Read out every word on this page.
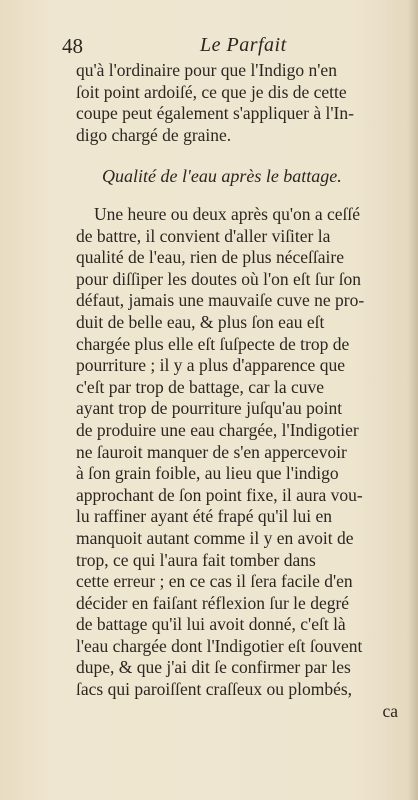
48	Le Parfait
qu'à l'ordinaire pour que l'Indigo n'en
ſoit point ardoiſé, ce que je dis de cette
coupe peut également s'appliquer à l'In-
digo chargé de graine.
Qualité de l'eau après le battage.
Une heure ou deux après qu'on a ceſſé
de battre, il convient d'aller viſiter la
qualité de l'eau, rien de plus néceſſaire
pour diſſiper les doutes où l'on eſt ſur ſon
défaut, jamais une mauvaiſe cuve ne pro-
duit de belle eau, & plus ſon eau eſt
chargée plus elle eſt ſuſpecte de trop de
pourriture ; il y a plus d'apparence que
c'eſt par trop de battage, car la cuve
ayant trop de pourriture juſqu'au point
de produire une eau chargée, l'Indigotier
ne ſauroit manquer de s'en appercevoir
à ſon grain foible, au lieu que l'indigo
approchant de ſon point fixe, il aura vou-
lu raffiner ayant été frapé qu'il lui en
manquoit autant comme il y en avoit de
trop, ce qui l'aura fait tomber dans
cette erreur ; en ce cas il ſera facile d'en
décider en faiſant réflexion ſur le degré
de battage qu'il lui avoit donné, c'eſt là
l'eau chargée dont l'Indigotier eſt ſouvent
dupe, & que j'ai dit ſe confirmer par les
ſacs qui paroiſſent craſſeux ou plombés,
ca
